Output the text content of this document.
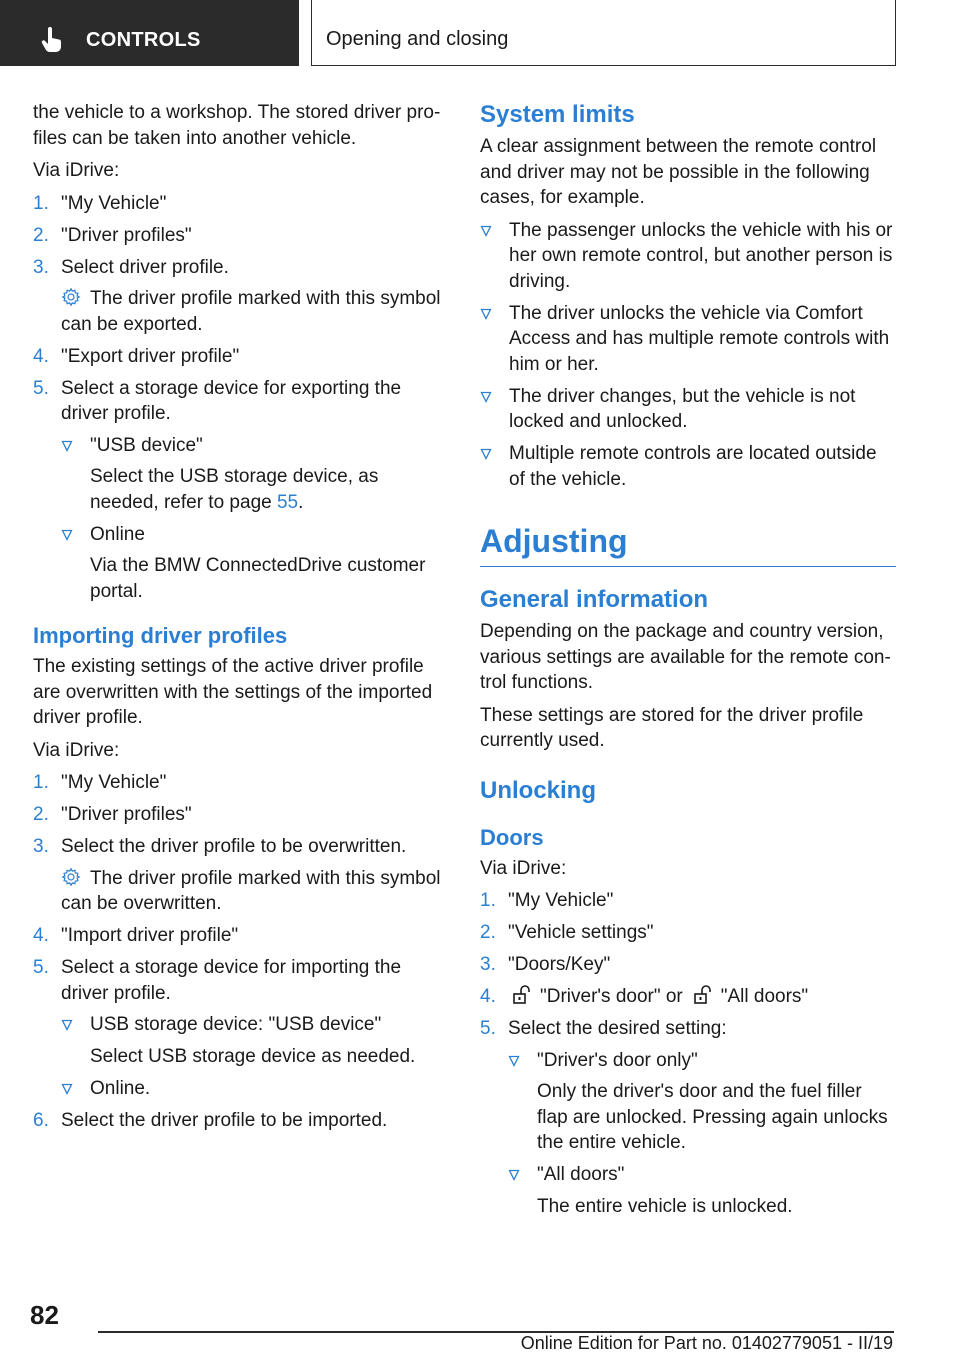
CONTROLS	Opening and closing

the vehicle to a workshop. The stored driver pro‐files can be taken into another vehicle.

Via iDrive:

1. "My Vehicle"
2. "Driver profiles"
3. Select driver profile.
The driver profile marked with this symbol can be exported.
4. "Export driver profile"
5. Select a storage device for exporting the driver profile.
"USB device"
Select the USB storage device, as needed, refer to page 55.
Online
Via the BMW ConnectedDrive customer portal.
Importing driver profiles

The existing settings of the active driver profile are overwritten with the settings of the imported driver profile.

Via iDrive:

1. "My Vehicle"
2. "Driver profiles"
3. Select the driver profile to be overwritten.
The driver profile marked with this symbol can be overwritten.
4. "Import driver profile"
5. Select a storage device for importing the driver profile.
USB storage device: "USB device"
Select USB storage device as needed.
Online.
6. Select the driver profile to be imported.
System limits

A clear assignment between the remote control and driver may not be possible in the following cases, for example.

The passenger unlocks the vehicle with his or her own remote control, but another person is driving.
The driver unlocks the vehicle via Comfort Access and has multiple remote controls with him or her.
The driver changes, but the vehicle is not locked and unlocked.
Multiple remote controls are located outside of the vehicle.
Adjusting
General information

Depending on the package and country version, various settings are available for the remote con‐trol functions.

These settings are stored for the driver profile currently used.

Unlocking
Doors

Via iDrive:

1. "My Vehicle"
2. "Vehicle settings"
3. "Doors/Key"
4. "Driver's door" or "All doors"
5. Select the desired setting:
"Driver's door only"
Only the driver's door and the fuel filler flap are unlocked. Pressing again unlocks the entire vehicle.
"All doors"
The entire vehicle is unlocked.
82
Online Edition for Part no. 01402779051 - II/19
